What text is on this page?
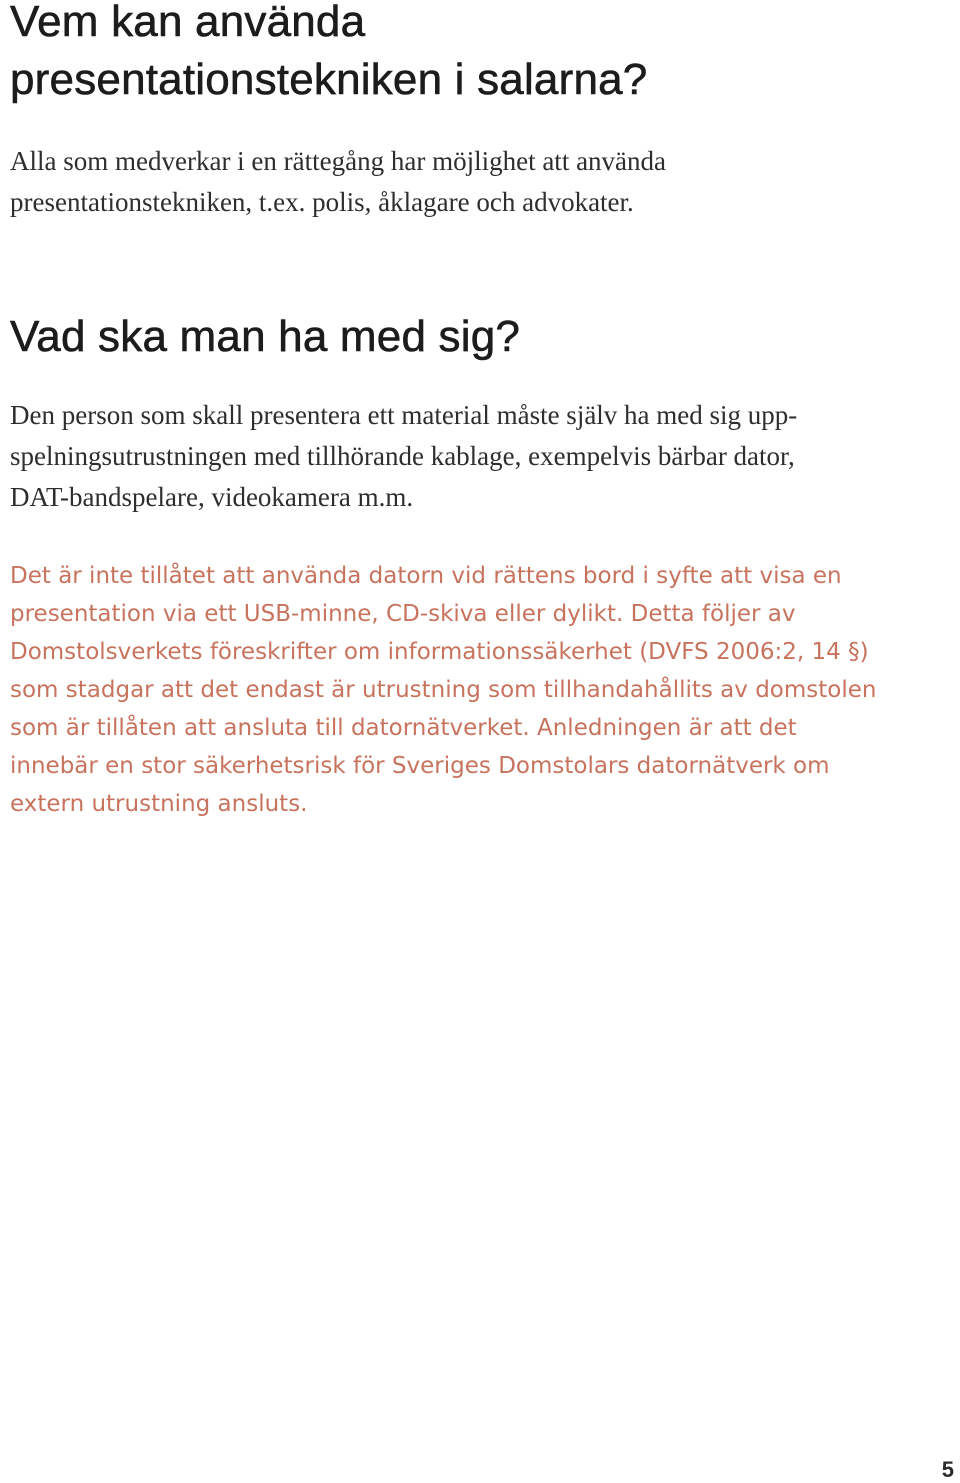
Vem kan använda
presentationstekniken i salarna?

Alla som medverkar i en rättegång har möjlighet att använda
presentationstekniken, t.ex. polis, åklagare och advokater.

Vad ska man ha med sig?

Den person som skall presentera ett material måste själv ha med sig upp-
spelningsutrustningen med tillhörande kablage, exempelvis bärbar dator,
DAT-bandspelare, videokamera m.m.

Det är inte tillåtet att använda datorn vid rättens bord i syfte att visa en
presentation via ett USB-minne, CD-skiva eller dylikt. Detta följer av
Domstolsverkets föreskrifter om informationssäkerhet (DVFS 2006:2, 14 §)
som stadgar att det endast är utrustning som tillhandahållits av domstolen
som är tillåten att ansluta till datornätverket. Anledningen är att det
innebär en stor säkerhetsrisk för Sveriges Domstolars datornätverk om
extern utrustning ansluts.

5
